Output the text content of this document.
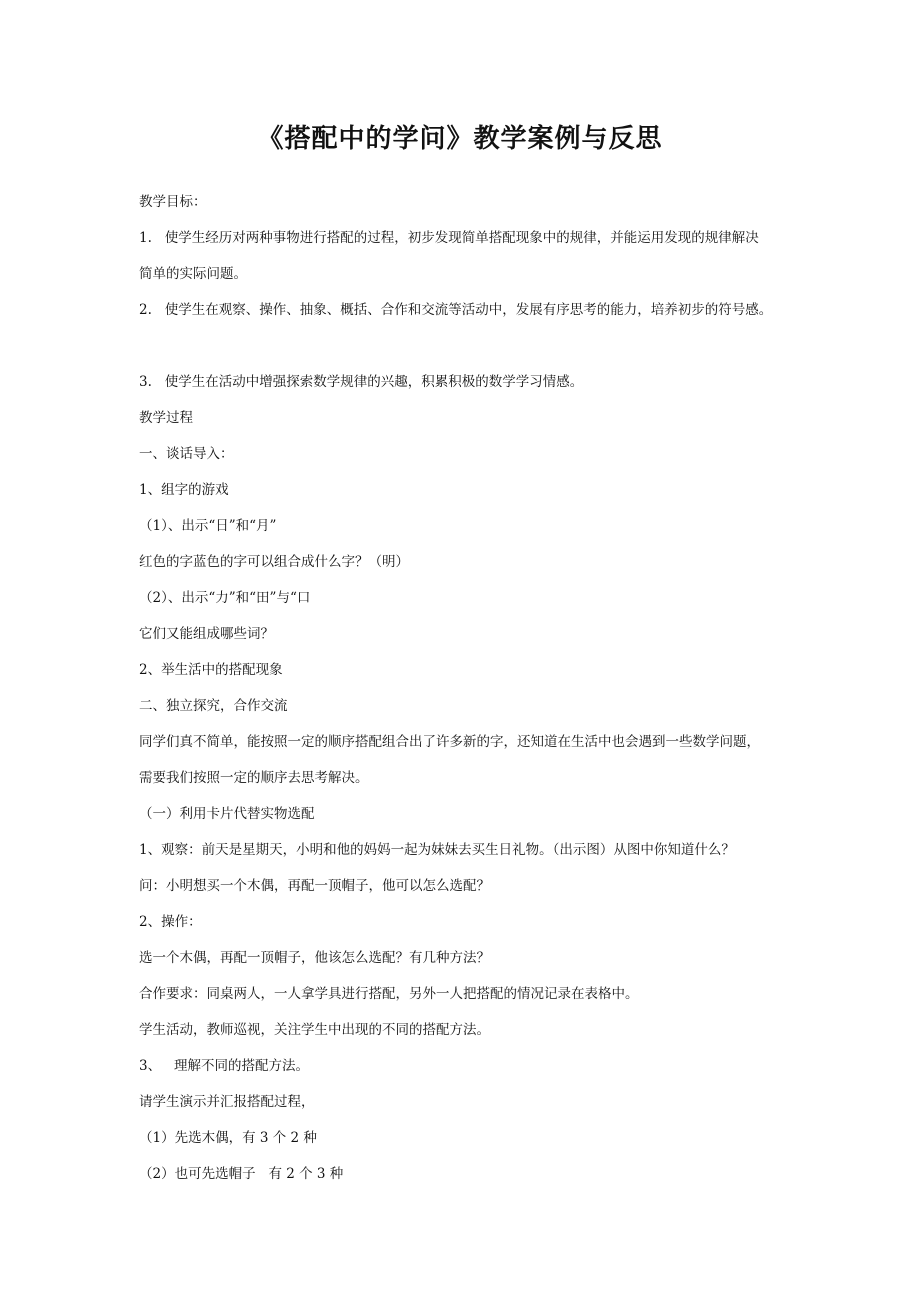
《搭配中的学问》教学案例与反思
教学目标：
1.   使学生经历对两种事物进行搭配的过程，初步发现简单搭配现象中的规律，并能运用发现的规律解决
简单的实际问题。
2.   使学生在观察、操作、抽象、概括、合作和交流等活动中，发展有序思考的能力，培养初步的符号感。
3.   使学生在活动中增强探索数学规律的兴趣，积累积极的数学学习情感。
教学过程
一、谈话导入：
1、组字的游戏
（1）、出示“日”和“月”
红色的字蓝色的字可以组合成什么字？（明）
（2）、出示“力”和“田”与“口
它们又能组成哪些词？
2、举生活中的搭配现象
二、独立探究，合作交流
同学们真不简单，能按照一定的顺序搭配组合出了许多新的字，还知道在生活中也会遇到一些数学问题，
需要我们按照一定的顺序去思考解决。
（一）利用卡片代替实物选配
1、观察：前天是星期天，小明和他的妈妈一起为妹妹去买生日礼物。（出示图）从图中你知道什么？
问：小明想买一个木偶，再配一顶帽子，他可以怎么选配？
2、操作：
选一个木偶，再配一顶帽子，他该怎么选配？有几种方法？
合作要求：同桌两人，一人拿学具进行搭配，另外一人把搭配的情况记录在表格中。
学生活动，教师巡视，关注学生中出现的不同的搭配方法。
3、   理解不同的搭配方法。
请学生演示并汇报搭配过程，
（1）先选木偶，有 3 个 2 种
（2）也可先选帽子   有 2 个 3 种
